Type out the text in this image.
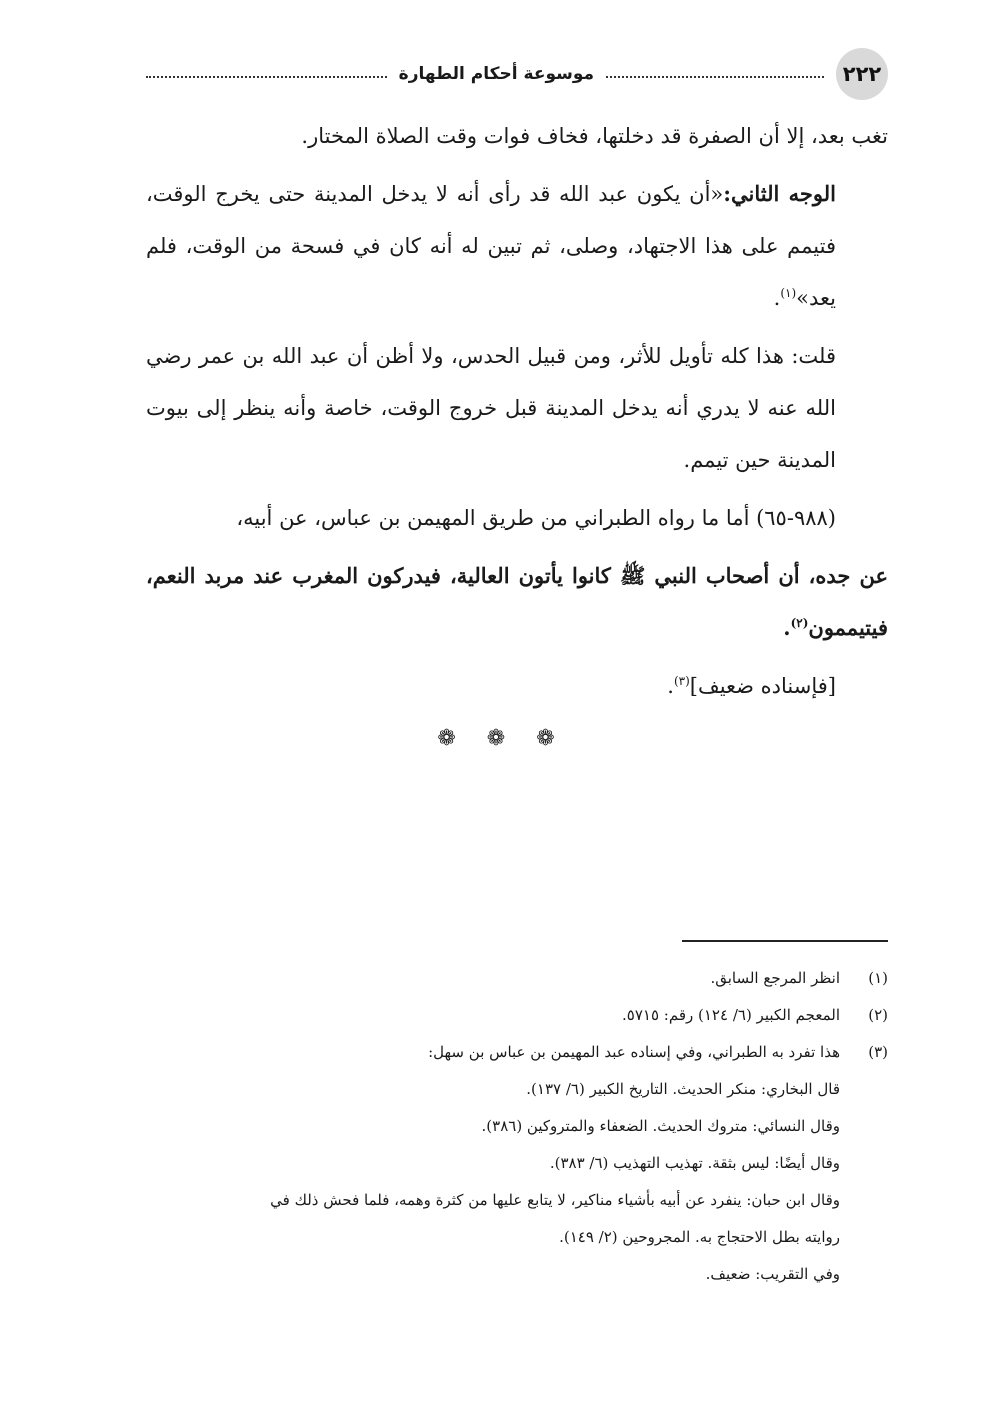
٢٢٢
موسوعة أحكام الطهارة

تغب بعد، إلا أن الصفرة قد دخلتها، فخاف فوات وقت الصلاة المختار.

الوجه الثاني:«أن يكون عبد الله قد رأى أنه لا يدخل المدينة حتى يخرج الوقت، فتيمم على هذا الاجتهاد، وصلى، ثم تبين له أنه كان في فسحة من الوقت، فلم يعد»$^{(١)}$.

قلت: هذا كله تأويل للأثر، ومن قبيل الحدس، ولا أظن أن عبد الله بن عمر رضي الله عنه لا يدري أنه يدخل المدينة قبل خروج الوقت، خاصة وأنه ينظر إلى بيوت المدينة حين تيمم.

(٩٨٨-٦٥) أما ما رواه الطبراني من طريق المهيمن بن عباس، عن أبيه،

عن جده، أن أصحاب النبي ﷺ كانوا يأتون العالية، فيدركون المغرب عند مربد النعم، فيتيممون$^{(٢)}$.

[فإسناده ضعيف]$^{(٣)}$.

❁ ❁ ❁
(١)
انظر المرجع السابق.
(٢)
المعجم الكبير (٦/ ١٢٤) رقم: ٥٧١٥.
(٣)
هذا تفرد به الطبراني، وفي إسناده عبد المهيمن بن عباس بن سهل:
قال البخاري: منكر الحديث. التاريخ الكبير (٦/ ١٣٧).
وقال النسائي: متروك الحديث. الضعفاء والمتروكين (٣٨٦).
وقال أيضًا: ليس بثقة. تهذيب التهذيب (٦/ ٣٨٣).
وقال ابن حبان: ينفرد عن أبيه بأشياء مناكير، لا يتابع عليها من كثرة وهمه، فلما فحش ذلك في
روايته بطل الاحتجاج به. المجروحين (٢/ ١٤٩).
وفي التقريب: ضعيف.
